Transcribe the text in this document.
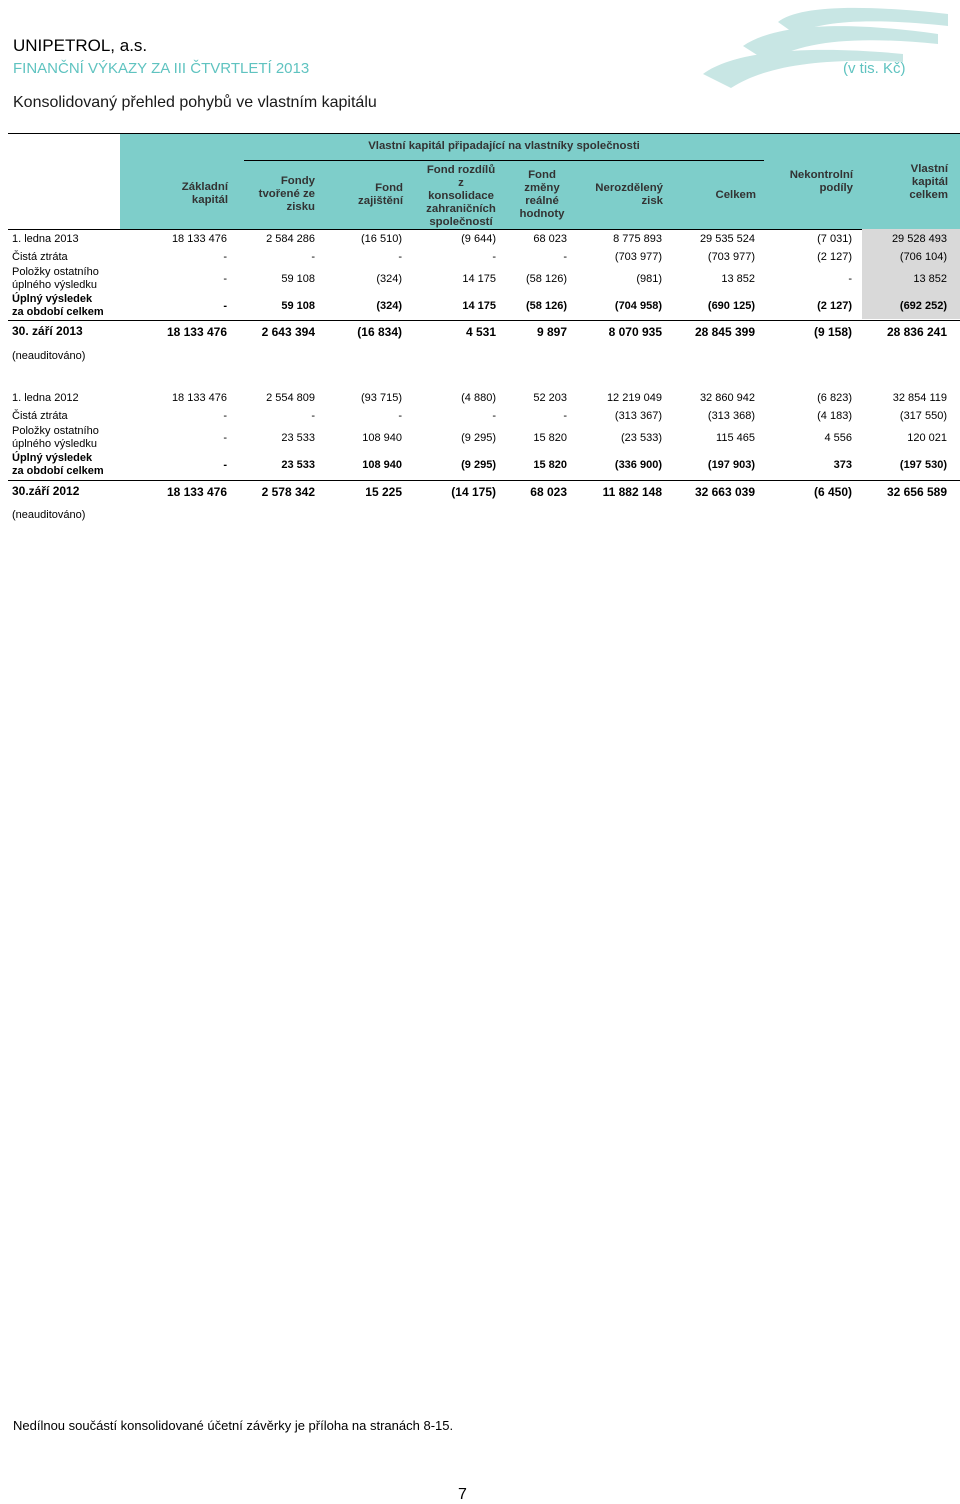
UNIPETROL, a.s.
FINANČNÍ VÝKAZY ZA III ČTVRTLETÍ 2013	(v tis. Kč)
Konsolidovaný přehled pohybů ve vlastním kapitálu
Vlastní kapitál připadající na vlastníky společnosti
Základní
kapitál
Fondy
tvořené ze
zisku
Fond
zajištění
Fond rozdílů
z
konsolidace
zahraničních
společností
Fond
změny
reálné
hodnoty
Nerozdělený
zisk	Celkem
Nekontrolní
podíly
Vlastní
kapitál
celkem
1. ledna 2013	18 133 476	2 584 286	(16 510)	(9 644)	68 023	8 775 893	29 535 524	(7 031)	29 528 493
Čistá ztráta	-	-	-	-	-	(703 977)	(703 977)	(2 127)	(706 104)
Položky ostatního
úplného výsledku	-	59 108	(324)	14 175	(58 126)	(981)	13 852	-	13 852
Úplný výsledek
za období celkem	-	59 108	(324)	14 175	(58 126)	(704 958)	(690 125)	(2 127)	(692 252)
30. září 2013	18 133 476	2 643 394	(16 834)	4 531	9 897	8 070 935	28 845 399	(9 158)	28 836 241
(neauditováno)
1. ledna 2012	18 133 476	2 554 809	(93 715)	(4 880)	52 203	12 219 049	32 860 942	(6 823)	32 854 119
Čistá ztráta	-	-	-	-	-	(313 367)	(313 368)	(4 183)	(317 550)
Položky ostatního
úplného výsledku	-	23 533	108 940	(9 295)	15 820	(23 533)	115 465	4 556	120 021
Úplný výsledek
za období celkem	-	23 533	108 940	(9 295)	15 820	(336 900)	(197 903)	373	(197 530)
30.září 2012	18 133 476	2 578 342	15 225	(14 175)	68 023	11 882 148	32 663 039	(6 450)	32 656 589
(neauditováno)
Nedílnou součástí konsolidované účetní závěrky je příloha na stranách 8-15.
7
